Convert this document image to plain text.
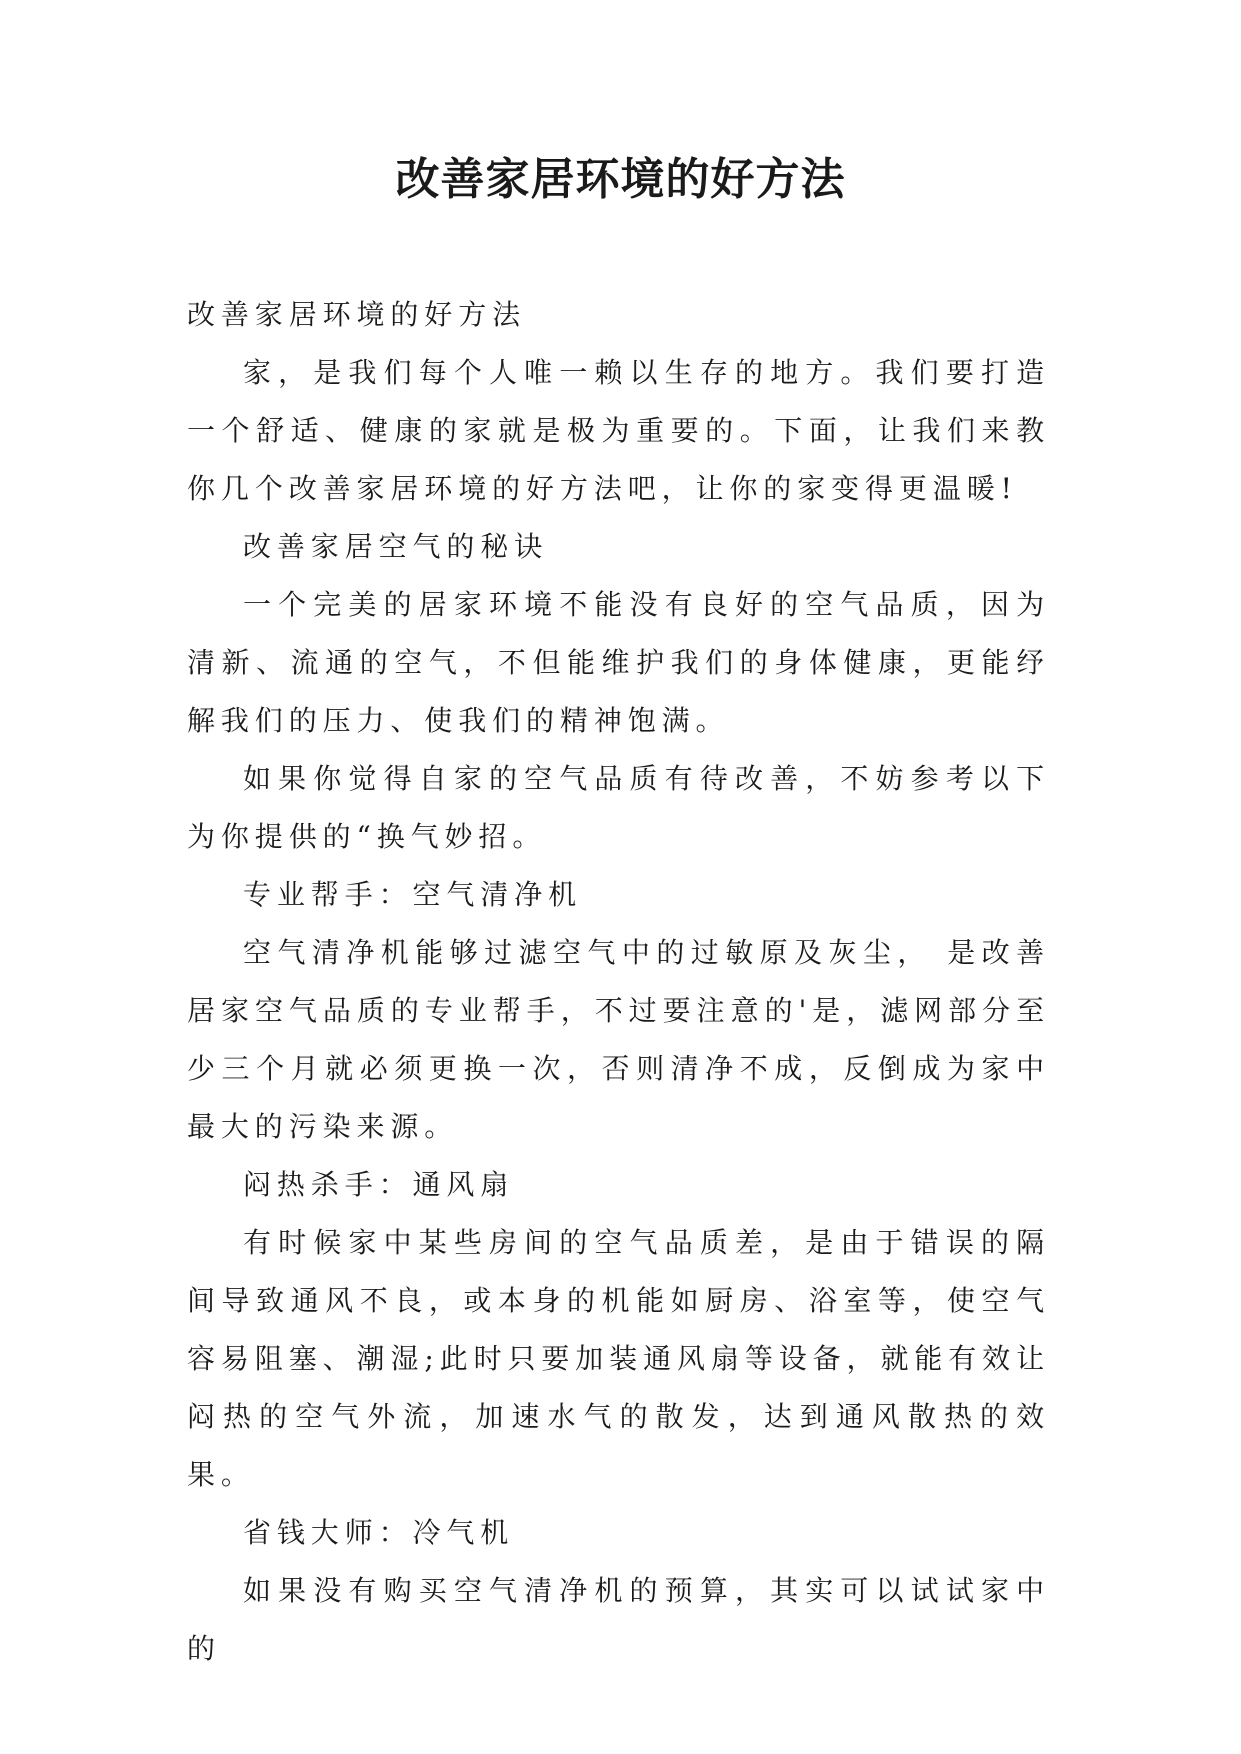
改善家居环境的好方法

改善家居环境的好方法

家，是我们每个人唯一赖以生存的地方。我们要打造一个舒适、健康的家就是极为重要的。下面，让我们来教你几个改善家居环境的好方法吧，让你的家变得更温暖!

改善家居空气的秘诀

一个完美的居家环境不能没有良好的空气品质，因为清新、流通的空气，不但能维护我们的身体健康，更能纾解我们的压力、使我们的精神饱满。

如果你觉得自家的空气品质有待改善，不妨参考以下为你提供的“换气妙招。

专业帮手：空气清净机

空气清净机能够过滤空气中的过敏原及灰尘， 是改善居家空气品质的专业帮手，不过要注意的'是，滤网部分至少三个月就必须更换一次，否则清净不成，反倒成为家中最大的污染来源。

闷热杀手：通风扇

有时候家中某些房间的空气品质差，是由于错误的隔间导致通风不良，或本身的机能如厨房、浴室等，使空气容易阻塞、潮湿;此时只要加装通风扇等设备，就能有效让闷热的空气外流，加速水气的散发，达到通风散热的效果。

省钱大师：冷气机

如果没有购买空气清净机的预算，其实可以试试家中的
